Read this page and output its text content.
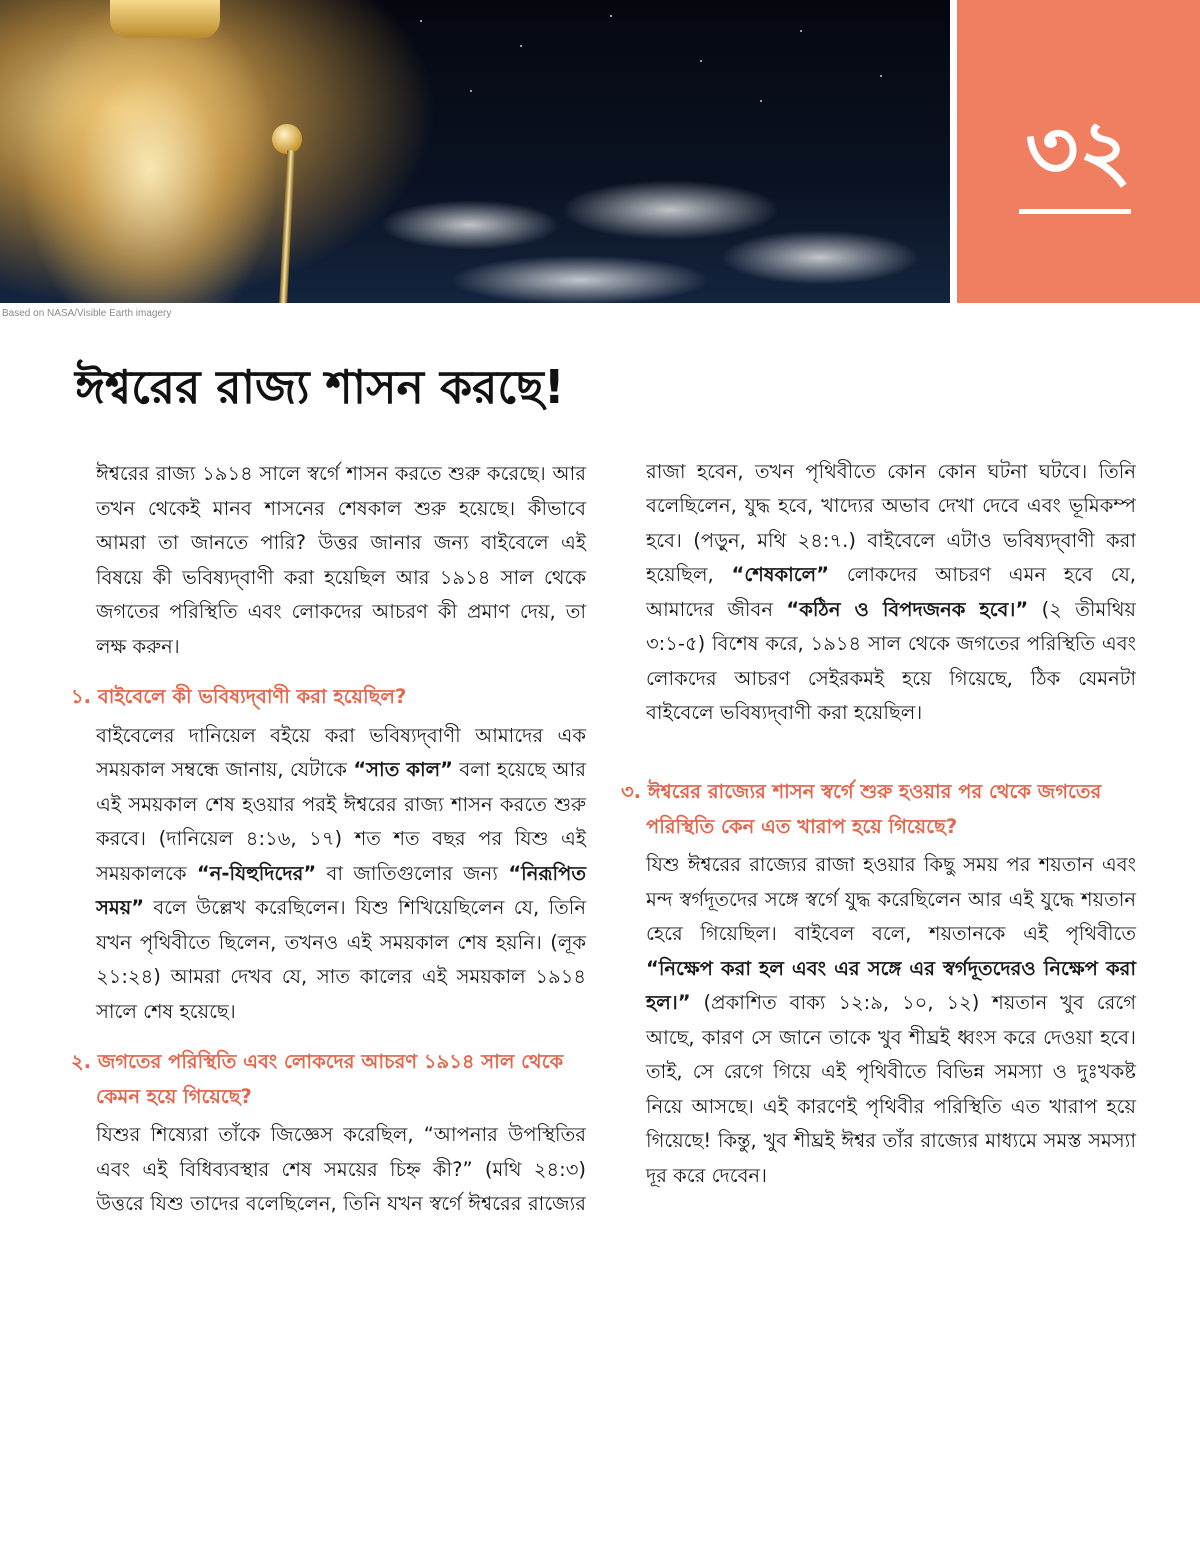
Based on NASA/Visible Earth imagery
৩২
ঈশ্বরের রাজ্য শাসন করছে!

ঈশ্বরের রাজ্য ১৯১৪ সালে স্বর্গে শাসন করতে শুরু করেছে। আর তখন থেকেই মানব শাসনের শেষকাল শুরু হয়েছে। কীভাবে আমরা তা জানতে পারি? উত্তর জানার জন্য বাইবেলে এই বিষয়ে কী ভবিষ্যদ্‌বাণী করা হয়েছিল আর ১৯১৪ সাল থেকে জগতের পরিস্থিতি এবং লোকদের আচরণ কী প্রমাণ দেয়, তা লক্ষ করুন।

১. বাইবেলে কী ভবিষ্যদ্‌বাণী করা হয়েছিল?

বাইবেলের দানিয়েল বইয়ে করা ভবিষ্যদ্‌বাণী আমাদের এক সময়কাল সম্বন্ধে জানায়, যেটাকে “সাত কাল” বলা হয়েছে আর এই সময়কাল শেষ হওয়ার পরই ঈশ্বরের রাজ্য শাসন করতে শুরু করবে। (দানিয়েল ৪:১৬, ১৭) শত শত বছর পর যিশু এই সময়কালকে “ন-যিহুদিদের” বা জাতিগুলোর জন্য “নিরূপিত সময়” বলে উল্লেখ করেছিলেন। যিশু শিখিয়েছিলেন যে, তিনি যখন পৃথিবীতে ছিলেন, তখনও এই সময়কাল শেষ হয়নি। (লূক ২১:২৪) আমরা দেখব যে, সাত কালের এই সময়কাল ১৯১৪ সালে শেষ হয়েছে।

২. জগতের পরিস্থিতি এবং লোকদের আচরণ ১৯১৪ সাল থেকে কেমন হয়ে গিয়েছে?

যিশুর শিষ্যেরা তাঁকে জিজ্ঞেস করেছিল, “আপনার উপস্থিতির এবং এই বিধিব্যবস্থার শেষ সময়ের চিহ্ন কী?” (মথি ২৪:৩) উত্তরে যিশু তাদের বলেছিলেন, তিনি যখন স্বর্গে ঈশ্বরের রাজ্যের

রাজা হবেন, তখন পৃথিবীতে কোন কোন ঘটনা ঘটবে। তিনি বলেছিলেন, যুদ্ধ হবে, খাদ্যের অভাব দেখা দেবে এবং ভূমিকম্প হবে। (পড়ুন, মথি ২৪:৭.) বাইবেলে এটাও ভবিষ্যদ্‌বাণী করা হয়েছিল, “শেষকালে” লোকদের আচরণ এমন হবে যে, আমাদের জীবন “কঠিন ও বিপদজনক হবে।” (২ তীমথিয় ৩:১-৫) বিশেষ করে, ১৯১৪ সাল থেকে জগতের পরিস্থিতি এবং লোকদের আচরণ সেইরকমই হয়ে গিয়েছে, ঠিক যেমনটা বাইবেলে ভবিষ্যদ্‌বাণী করা হয়েছিল।

৩. ঈশ্বরের রাজ্যের শাসন স্বর্গে শুরু হওয়ার পর থেকে জগতের পরিস্থিতি কেন এত খারাপ হয়ে গিয়েছে?

যিশু ঈশ্বরের রাজ্যের রাজা হওয়ার কিছু সময় পর শয়তান এবং মন্দ স্বর্গদূতদের সঙ্গে স্বর্গে যুদ্ধ করেছিলেন আর এই যুদ্ধে শয়তান হেরে গিয়েছিল। বাইবেল বলে, শয়তানকে এই পৃথিবীতে “নিক্ষেপ করা হল এবং এর সঙ্গে এর স্বর্গদূতদেরও নিক্ষেপ করা হল।” (প্রকাশিত বাক্য ১২:৯, ১০, ১২) শয়তান খুব রেগে আছে, কারণ সে জানে তাকে খুব শীঘ্রই ধ্বংস করে দেওয়া হবে। তাই, সে রেগে গিয়ে এই পৃথিবীতে বিভিন্ন সমস্যা ও দুঃখকষ্ট নিয়ে আসছে। এই কারণেই পৃথিবীর পরিস্থিতি এত খারাপ হয়ে গিয়েছে! কিন্তু, খুব শীঘ্রই ঈশ্বর তাঁর রাজ্যের মাধ্যমে সমস্ত সমস্যা দূর করে দেবেন।
